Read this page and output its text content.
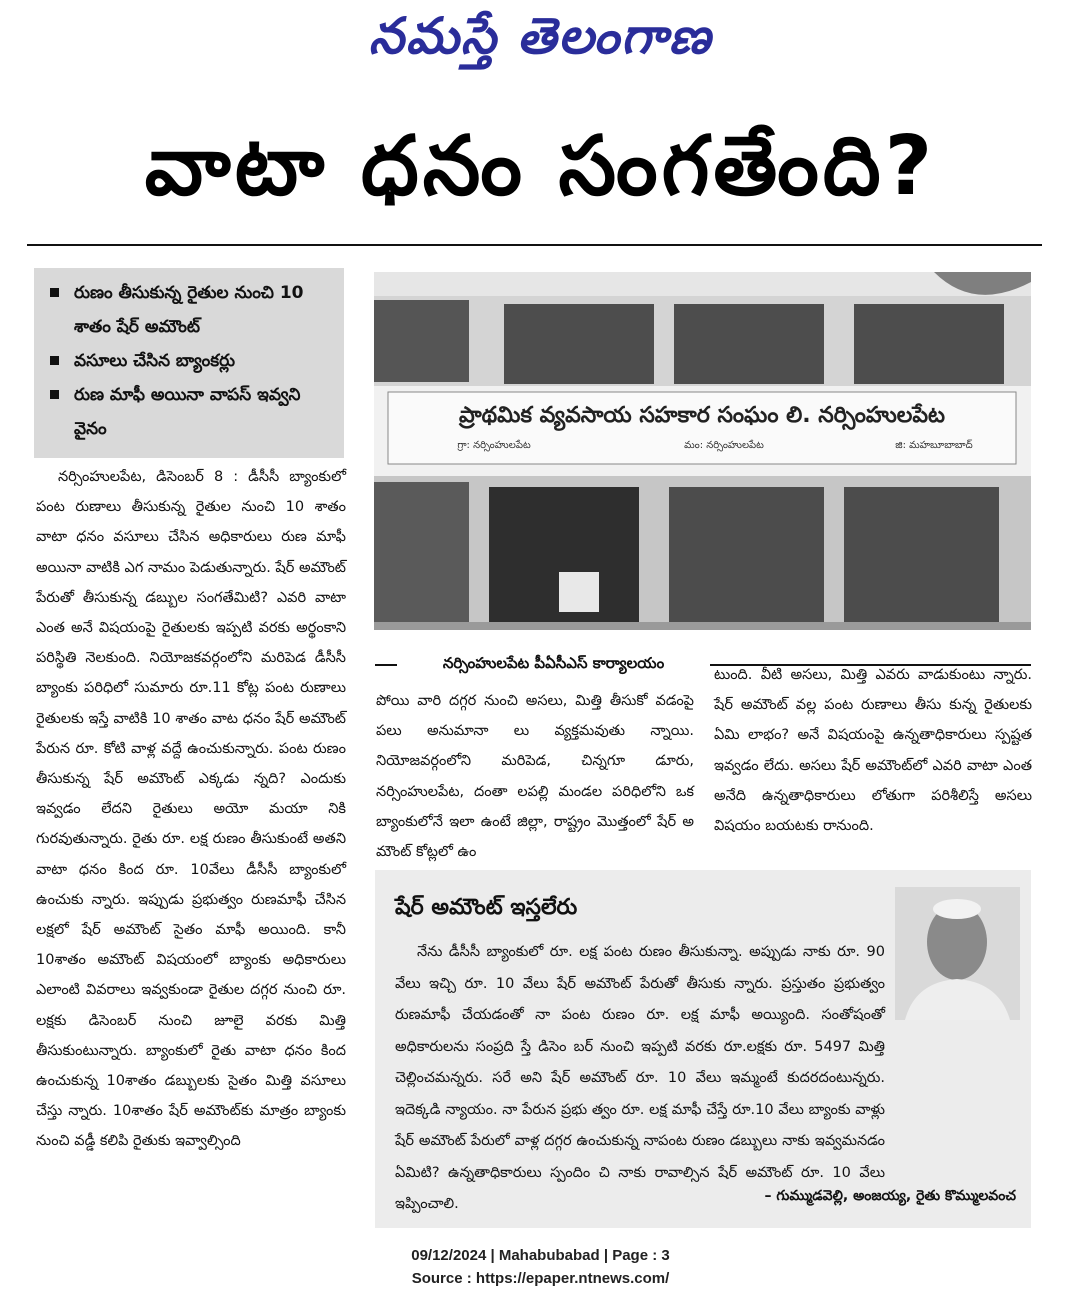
నమస్తే తెలంగాణ
వాటా ధనం సంగతేంది?
రుణం తీసుకున్న రైతుల నుంచి 10 శాతం షేర్ అమౌంట్
వసూలు చేసిన బ్యాంకర్లు
రుణ మాఫీ అయినా వాపస్ ఇవ్వని వైనం

నర్సింహులపేట, డిసెంబర్ 8 : డీసీసీ బ్యాంకులో పంట రుణాలు తీసుకున్న రైతుల నుంచి 10 శాతం వాటా ధనం వసూలు చేసిన అధికారులు రుణ మాఫీ అయినా వాటికి ఎగ నామం పెడుతున్నారు. షేర్ అమౌంట్ పేరుతో తీసుకున్న డబ్బుల సంగతేమిటి? ఎవరి వాటా ఎంత అనే విషయంపై రైతులకు ఇప్పటి వరకు అర్థంకాని పరిస్థితి నెలకుంది. నియోజకవర్గంలోని మరిపెడ డీసీసీ బ్యాంకు పరిధిలో సుమారు రూ.11 కోట్ల పంట రుణాలు రైతులకు ఇస్తే వాటికి 10 శాతం వాట ధనం షేర్ అమౌంట్ పేరున రూ. కోటి వాళ్ల వద్దే ఉంచుకున్నారు. పంట రుణం తీసుకున్న షేర్ అమౌంట్ ఎక్కడు న్నది? ఎందుకు ఇవ్వడం లేదని రైతులు అయో మయా నికి గురవుతున్నారు. రైతు రూ. లక్ష రుణం తీసుకుంటే అతని వాటా ధనం కింద రూ. 10వేలు డీసీసీ బ్యాంకులో ఉంచుకు న్నారు. ఇప్పుడు ప్రభుత్వం రుణమాఫీ చేసిన లక్షలో షేర్ అమౌంట్ సైతం మాఫీ అయింది. కానీ 10శాతం అమౌంట్ విషయంలో బ్యాంకు అధికారులు ఎలాంటి వివరాలు ఇవ్వకుండా రైతుల దగ్గర నుంచి రూ. లక్షకు డిసెంబర్ నుంచి జూలై వరకు మిత్తి తీసుకుంటున్నారు. బ్యాంకులో రైతు వాటా ధనం కింద ఉంచుకున్న 10శాతం డబ్బులకు సైతం మిత్తి వసూలు చేస్తు న్నారు. 10శాతం షేర్ అమౌంట్‌కు మాత్రం బ్యాంకు నుంచి వడ్డీ కలిపి రైతుకు ఇవ్వాల్సింది

ప్రాథమిక వ్యవసాయ సహకార సంఘం లి. నర్సింహులపేట
గ్రా: నర్సింహులపేట	మం: నర్సింహులపేట	జి: మహబూబాబాద్
నర్సింహులపేట పీఏసీఎస్ కార్యాలయం

పోయి వారి దగ్గర నుంచి అసలు, మిత్తి తీసుకో వడంపై పలు అనుమానా లు వ్యక్తమవుతు న్నాయి. నియోజవర్గంలోని మరిపెడ, చిన్నగూ డూరు, నర్సింహులపేట, దంతా లపల్లి మండల పరిధిలోని ఒక బ్యాంకులోనే ఇలా ఉంటే జిల్లా, రాష్ట్రం మొత్తంలో షేర్ అ మౌంట్ కోట్లలో ఉం

టుంది. వీటి అసలు, మిత్తి ఎవరు వాడుకుంటు న్నారు. షేర్ అమౌంట్ వల్ల పంట రుణాలు తీసు కున్న రైతులకు ఏమి లాభం? అనే విషయంపై ఉన్నతాధికారులు స్పష్టత ఇవ్వడం లేదు. అసలు షేర్ అమౌంట్‌లో ఎవరి వాటా ఎంత అనేది ఉన్నతాధికారులు లోతుగా పరిశీలిస్తే అసలు విషయం బయటకు రానుంది.

షేర్ అమౌంట్ ఇస్తలేరు

నేను డీసీసీ బ్యాంకులో రూ. లక్ష పంట రుణం తీసుకున్నా. అప్పుడు నాకు రూ. 90 వేలు ఇచ్చి రూ. 10 వేలు షేర్ అమౌంట్ పేరుతో తీసుకు న్నారు. ప్రస్తుతం ప్రభుత్వం రుణమాఫీ చేయడంతో నా పంట రుణం రూ. లక్ష మాఫీ అయ్యింది. సంతోషంతో అధికారులను సంప్రది స్తే డిసెం బర్ నుంచి ఇప్పటి వరకు రూ.లక్షకు రూ. 5497 మిత్తి చెల్లించమన్నరు. సరే అని షేర్ అమౌంట్ రూ. 10 వేలు ఇమ్మంటే కుదరదంటున్నరు. ఇదెక్కడి న్యాయం. నా పేరున ప్రభు త్వం రూ. లక్ష మాఫీ చేస్తే రూ.10 వేలు బ్యాంకు వాళ్లు షేర్ అమౌంట్ పేరులో వాళ్ల దగ్గర ఉంచుకున్న నాపంట రుణం డబ్బులు నాకు ఇవ్వమనడం ఏమిటి? ఉన్నతాధికారులు స్పందిం చి నాకు రావాల్సిన షేర్ అమౌంట్ రూ. 10 వేలు ఇప్పించాలి.	– గుమ్ముడవెల్లి, అంజయ్య, రైతు కొమ్ములవంచ
09/12/2024 | Mahabubabad | Page : 3
Source : https://epaper.ntnews.com/
